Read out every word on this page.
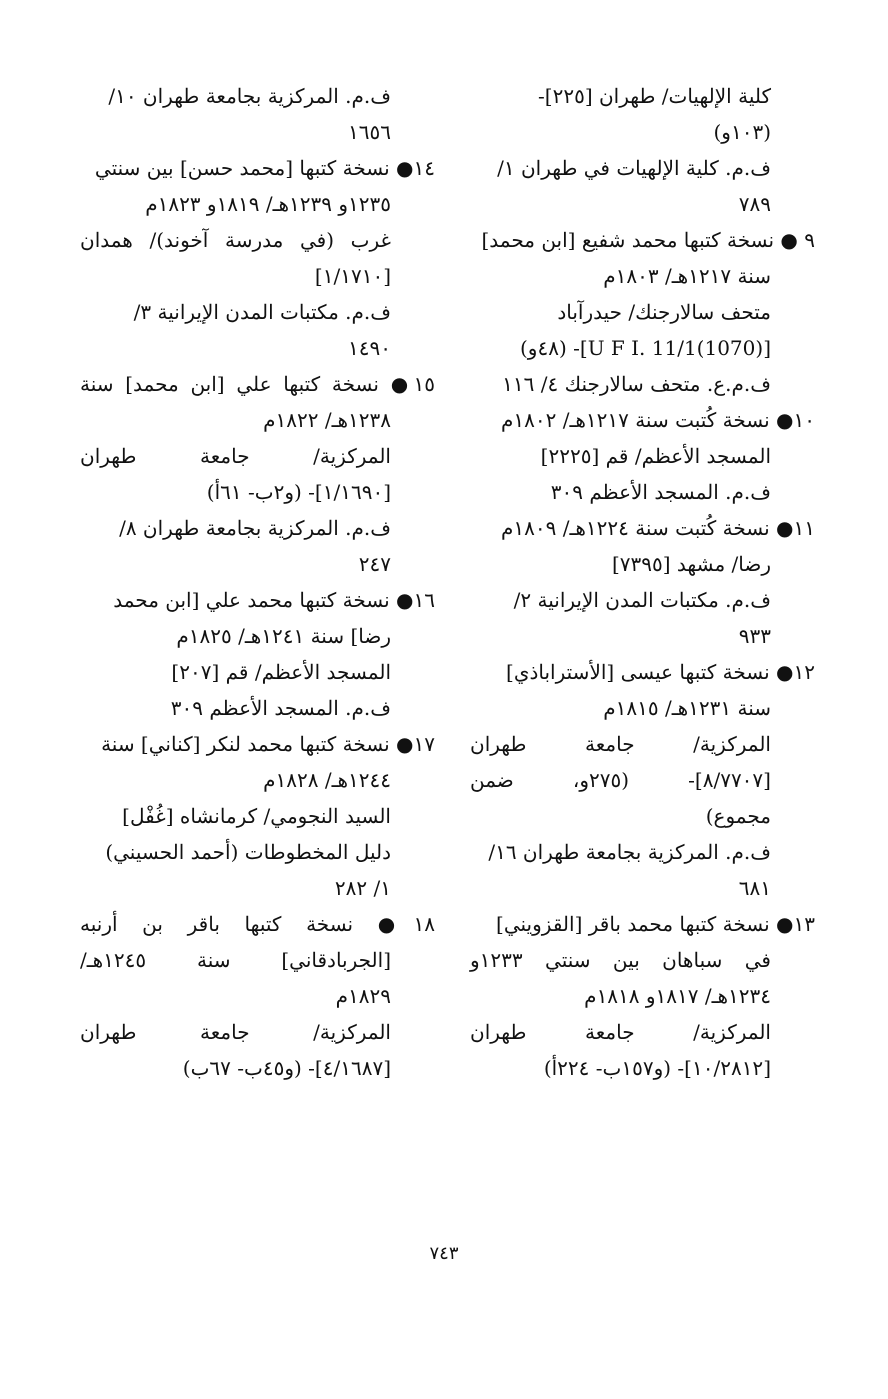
كلية الإلهيات/ طهران [٢٢٥]-
(١٠٣و)
ف.م. كلية الإلهيات في طهران ١/
٧٨٩
٩ ● نسخة كتبها محمد شفيع [ابن محمد]
سنة ١٢١٧هـ/ ١٨٠٣م
متحف سالارجنك/ حيدرآباد
[(1070)U F I. 11/1]- (٤٨و)
ف.م.ع. متحف سالارجنك ٤/ ١١٦
١٠● نسخة كُتبت سنة ١٢١٧هـ/ ١٨٠٢م
المسجد الأعظم/ قم [٢٢٢٥]
ف.م. المسجد الأعظم ٣٠٩
١١● نسخة كُتبت سنة ١٢٢٤هـ/ ١٨٠٩م
رضا/ مشهد [٧٣٩٥]
ف.م. مكتبات المدن الإيرانية ٢/
٩٣٣
١٢● نسخة كتبها عيسى [الأستراباذي]
سنة ١٢٣١هـ/ ١٨١٥م
المركزية/ جامعة طهران
[٨/٧٧٠٧]- (٢٧٥و، ضمن
مجموع)
ف.م. المركزية بجامعة طهران ١٦/
٦٨١
١٣● نسخة كتبها محمد باقر [القزويني]
في سباهان بين سنتي ١٢٣٣و
١٢٣٤هـ/ ١٨١٧و ١٨١٨م
المركزية/ جامعة طهران
[١٠/٢٨١٢]- (و١٥٧ب- ٢٢٤أ)
ف.م. المركزية بجامعة طهران ١٠/
١٦٥٦
١٤● نسخة كتبها [محمد حسن] بين سنتي
١٢٣٥و ١٢٣٩هـ/ ١٨١٩و ١٨٢٣م
غرب (في مدرسة آخوند)/ همدان
[١/١٧١٠]
ف.م. مكتبات المدن الإيرانية ٣/
١٤٩٠
١٥● نسخة كتبها علي [ابن محمد] سنة
١٢٣٨هـ/ ١٨٢٢م
المركزية/ جامعة طهران
[١/١٦٩٠]- (و٢ب- ٦١أ)
ف.م. المركزية بجامعة طهران ٨/
٢٤٧
١٦● نسخة كتبها محمد علي [ابن محمد
رضا] سنة ١٢٤١هـ/ ١٨٢٥م
المسجد الأعظم/ قم [٢٠٧]
ف.م. المسجد الأعظم ٣٠٩
١٧● نسخة كتبها محمد لنكر [كناني] سنة
١٢٤٤هـ/ ١٨٢٨م
السيد النجومي/ كرمانشاه [غُفْل]
دليل المخطوطات (أحمد الحسيني)
١/ ٢٨٢
١٨● نسخة كتبها باقر بن أرنبه
[الجربادقاني] سنة ١٢٤٥هـ/
١٨٢٩م
المركزية/ جامعة طهران
[٤/١٦٨٧]- (و٤٥ب- ٦٧ب)
٧٤٣
